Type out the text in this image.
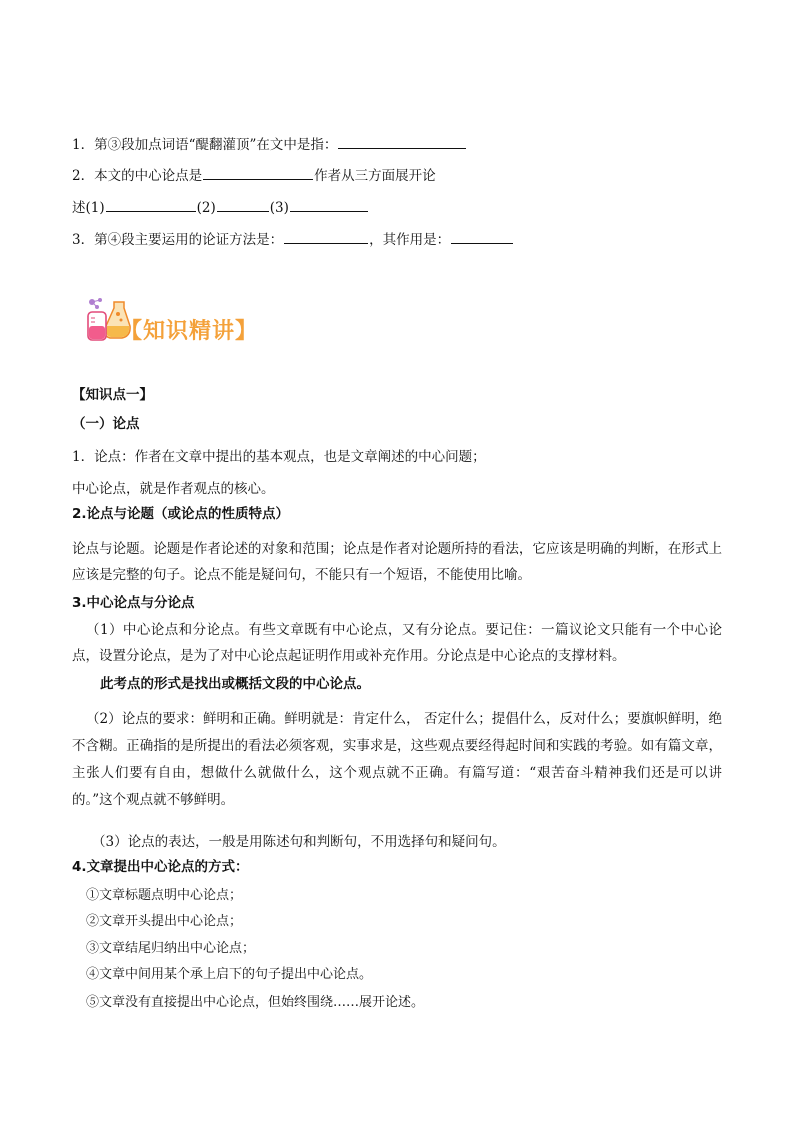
1．第③段加点词语“醍翻灌顶”在文中是指：
2．本文的中心论点是	作者从三方面展开论
述(1)	(2)	(3)
3．第④段主要运用的论证方法是：	，其作用是：
【知识精讲】
【知识点一】
（一）论点
1．论点：作者在文章中提出的基本观点，也是文章阐述的中心问题；
中心论点，就是作者观点的核心。
2.论点与论题（或论点的性质特点）
论点与论题。论题是作者论述的对象和范围；论点是作者对论题所持的看法，它应该是明确的判断，在形式上应该是完整的句子。论点不能是疑问句，不能只有一个短语，不能使用比喻。
3.中心论点与分论点
（1）中心论点和分论点。有些文章既有中心论点，又有分论点。要记住：一篇议论文只能有一个中心论点，设置分论点，是为了对中心论点起证明作用或补充作用。分论点是中心论点的支撑材料。
此考点的形式是找出或概括文段的中心论点。
（2）论点的要求：鲜明和正确。鲜明就是：肯定什么， 否定什么；提倡什么，反对什么；要旗帜鲜明，绝不含糊。正确指的是所提出的看法必须客观，实事求是，这些观点要经得起时间和实践的考验。如有篇文章，主张人们要有自由，想做什么就做什么，这个观点就不正确。有篇写道：“艰苦奋斗精神我们还是可以讲的。”这个观点就不够鲜明。
（3）论点的表达，一般是用陈述句和判断句，不用选择句和疑问句。
4.文章提出中心论点的方式：
①文章标题点明中心论点；
②文章开头提出中心论点；
③文章结尾归纳出中心论点；
④文章中间用某个承上启下的句子提出中心论点。
⑤文章没有直接提出中心论点，但始终围绕……展开论述。
